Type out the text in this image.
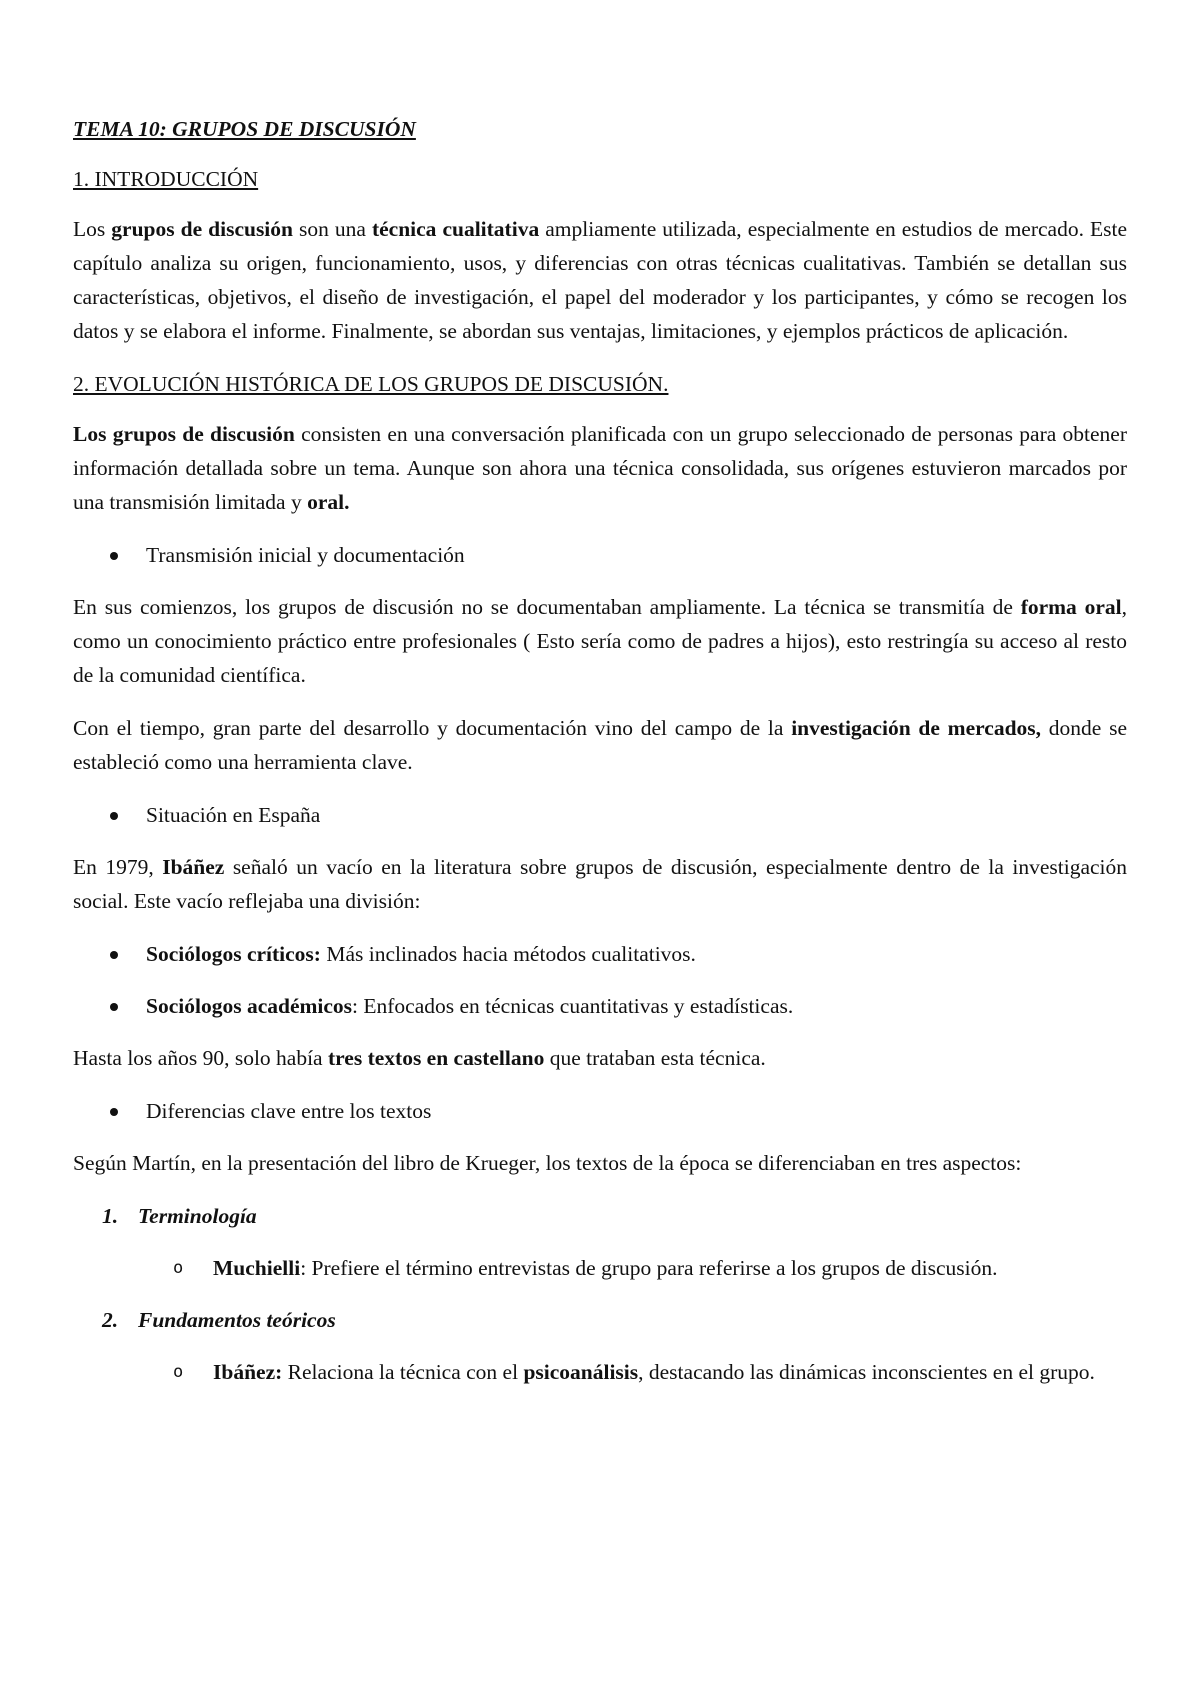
TEMA 10: GRUPOS DE DISCUSIÓN

1. INTRODUCCIÓN

Los grupos de discusión son una técnica cualitativa ampliamente utilizada, especialmente en estudios de mercado. Este capítulo analiza su origen, funcionamiento, usos, y diferencias con otras técnicas cualitativas. También se detallan sus características, objetivos, el diseño de investigación, el papel del moderador y los participantes, y cómo se recogen los datos y se elabora el informe. Finalmente, se abordan sus ventajas, limitaciones, y ejemplos prácticos de aplicación.

2. EVOLUCIÓN HISTÓRICA DE LOS GRUPOS DE DISCUSIÓN.

Los grupos de discusión consisten en una conversación planificada con un grupo seleccionado de personas para obtener información detallada sobre un tema. Aunque son ahora una técnica consolidada, sus orígenes estuvieron marcados por una transmisión limitada y oral.

Transmisión inicial y documentación

En sus comienzos, los grupos de discusión no se documentaban ampliamente. La técnica se transmitía de forma oral, como un conocimiento práctico entre profesionales ( Esto sería como de padres a hijos), esto restringía su acceso al resto de la comunidad científica.

Con el tiempo, gran parte del desarrollo y documentación vino del campo de la investigación de mercados, donde se estableció como una herramienta clave.

Situación en España

En 1979, Ibáñez señaló un vacío en la literatura sobre grupos de discusión, especialmente dentro de la investigación social. Este vacío reflejaba una división:

Sociólogos críticos: Más inclinados hacia métodos cualitativos.

Sociólogos académicos: Enfocados en técnicas cuantitativas y estadísticas.

Hasta los años 90, solo había tres textos en castellano que trataban esta técnica.

Diferencias clave entre los textos

Según Martín, en la presentación del libro de Krueger, los textos de la época se diferenciaban en tres aspectos:

1. Terminología

o Muchielli: Prefiere el término entrevistas de grupo para referirse a los grupos de discusión.

2. Fundamentos teóricos

o Ibáñez: Relaciona la técnica con el psicoanálisis, destacando las dinámicas inconscientes en el grupo.
